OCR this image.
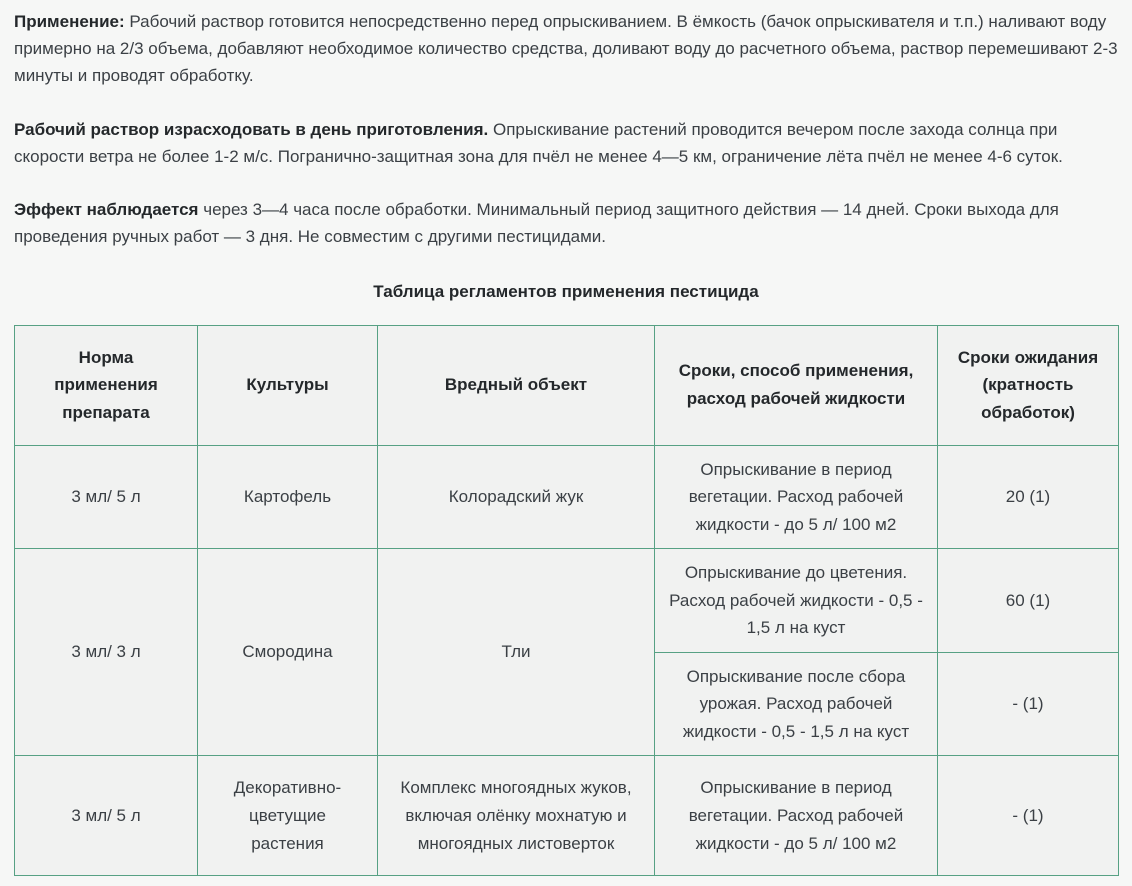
Применение: Рабочий раствор готовится непосредственно перед опрыскиванием. В ёмкость (бачок опрыскивателя и т.п.) наливают воду примерно на 2/3 объема, добавляют необходимое количество средства, доливают воду до расчетного объема, раствор перемешивают 2-3 минуты и проводят обработку.

Рабочий раствор израсходовать в день приготовления. Опрыскивание растений проводится вечером после захода солнца при скорости ветра не более 1-2 м/с. Погранично-защитная зона для пчёл не менее 4—5 км, ограничение лёта пчёл не менее 4-6 суток.

Эффект наблюдается через 3—4 часа после обработки. Минимальный период защитного действия — 14 дней. Сроки выхода для проведения ручных работ — 3 дня. Не совместим с другими пестицидами.

Таблица регламентов применения пестицида
Норма применения препарата	Культуры	Вредный объект	Сроки, способ применения, расход рабочей жидкости	Сроки ожидания (кратность обработок)
3 мл/ 5 л	Картофель	Колорадский жук	Опрыскивание в период вегетации. Расход рабочей жидкости - до 5 л/ 100 м2	20 (1)
3 мл/ 3 л	Смородина	Тли	Опрыскивание до цветения. Расход рабочей жидкости - 0,5 - 1,5 л на куст	60 (1)
			Опрыскивание после сбора урожая. Расход рабочей жидкости - 0,5 - 1,5 л на куст	- (1)
3 мл/ 5 л	Декоративно-цветущие растения	Комплекс многоядных жуков, включая олёнку мохнатую и многоядных листоверток	Опрыскивание в период вегетации. Расход рабочей жидкости - до 5 л/ 100 м2	- (1)
